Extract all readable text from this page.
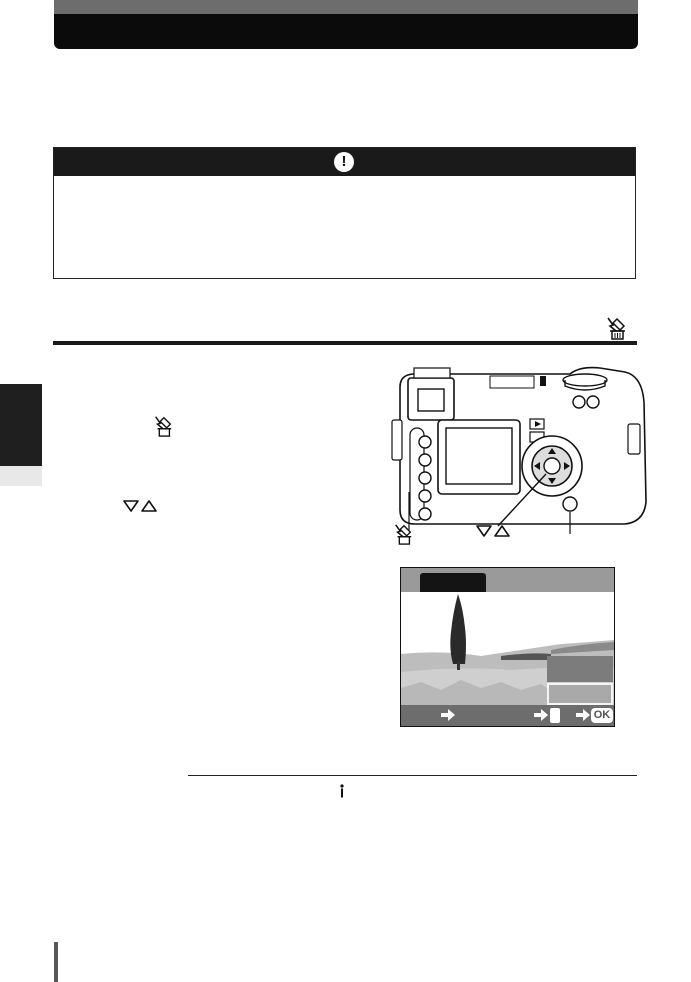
!
OK
